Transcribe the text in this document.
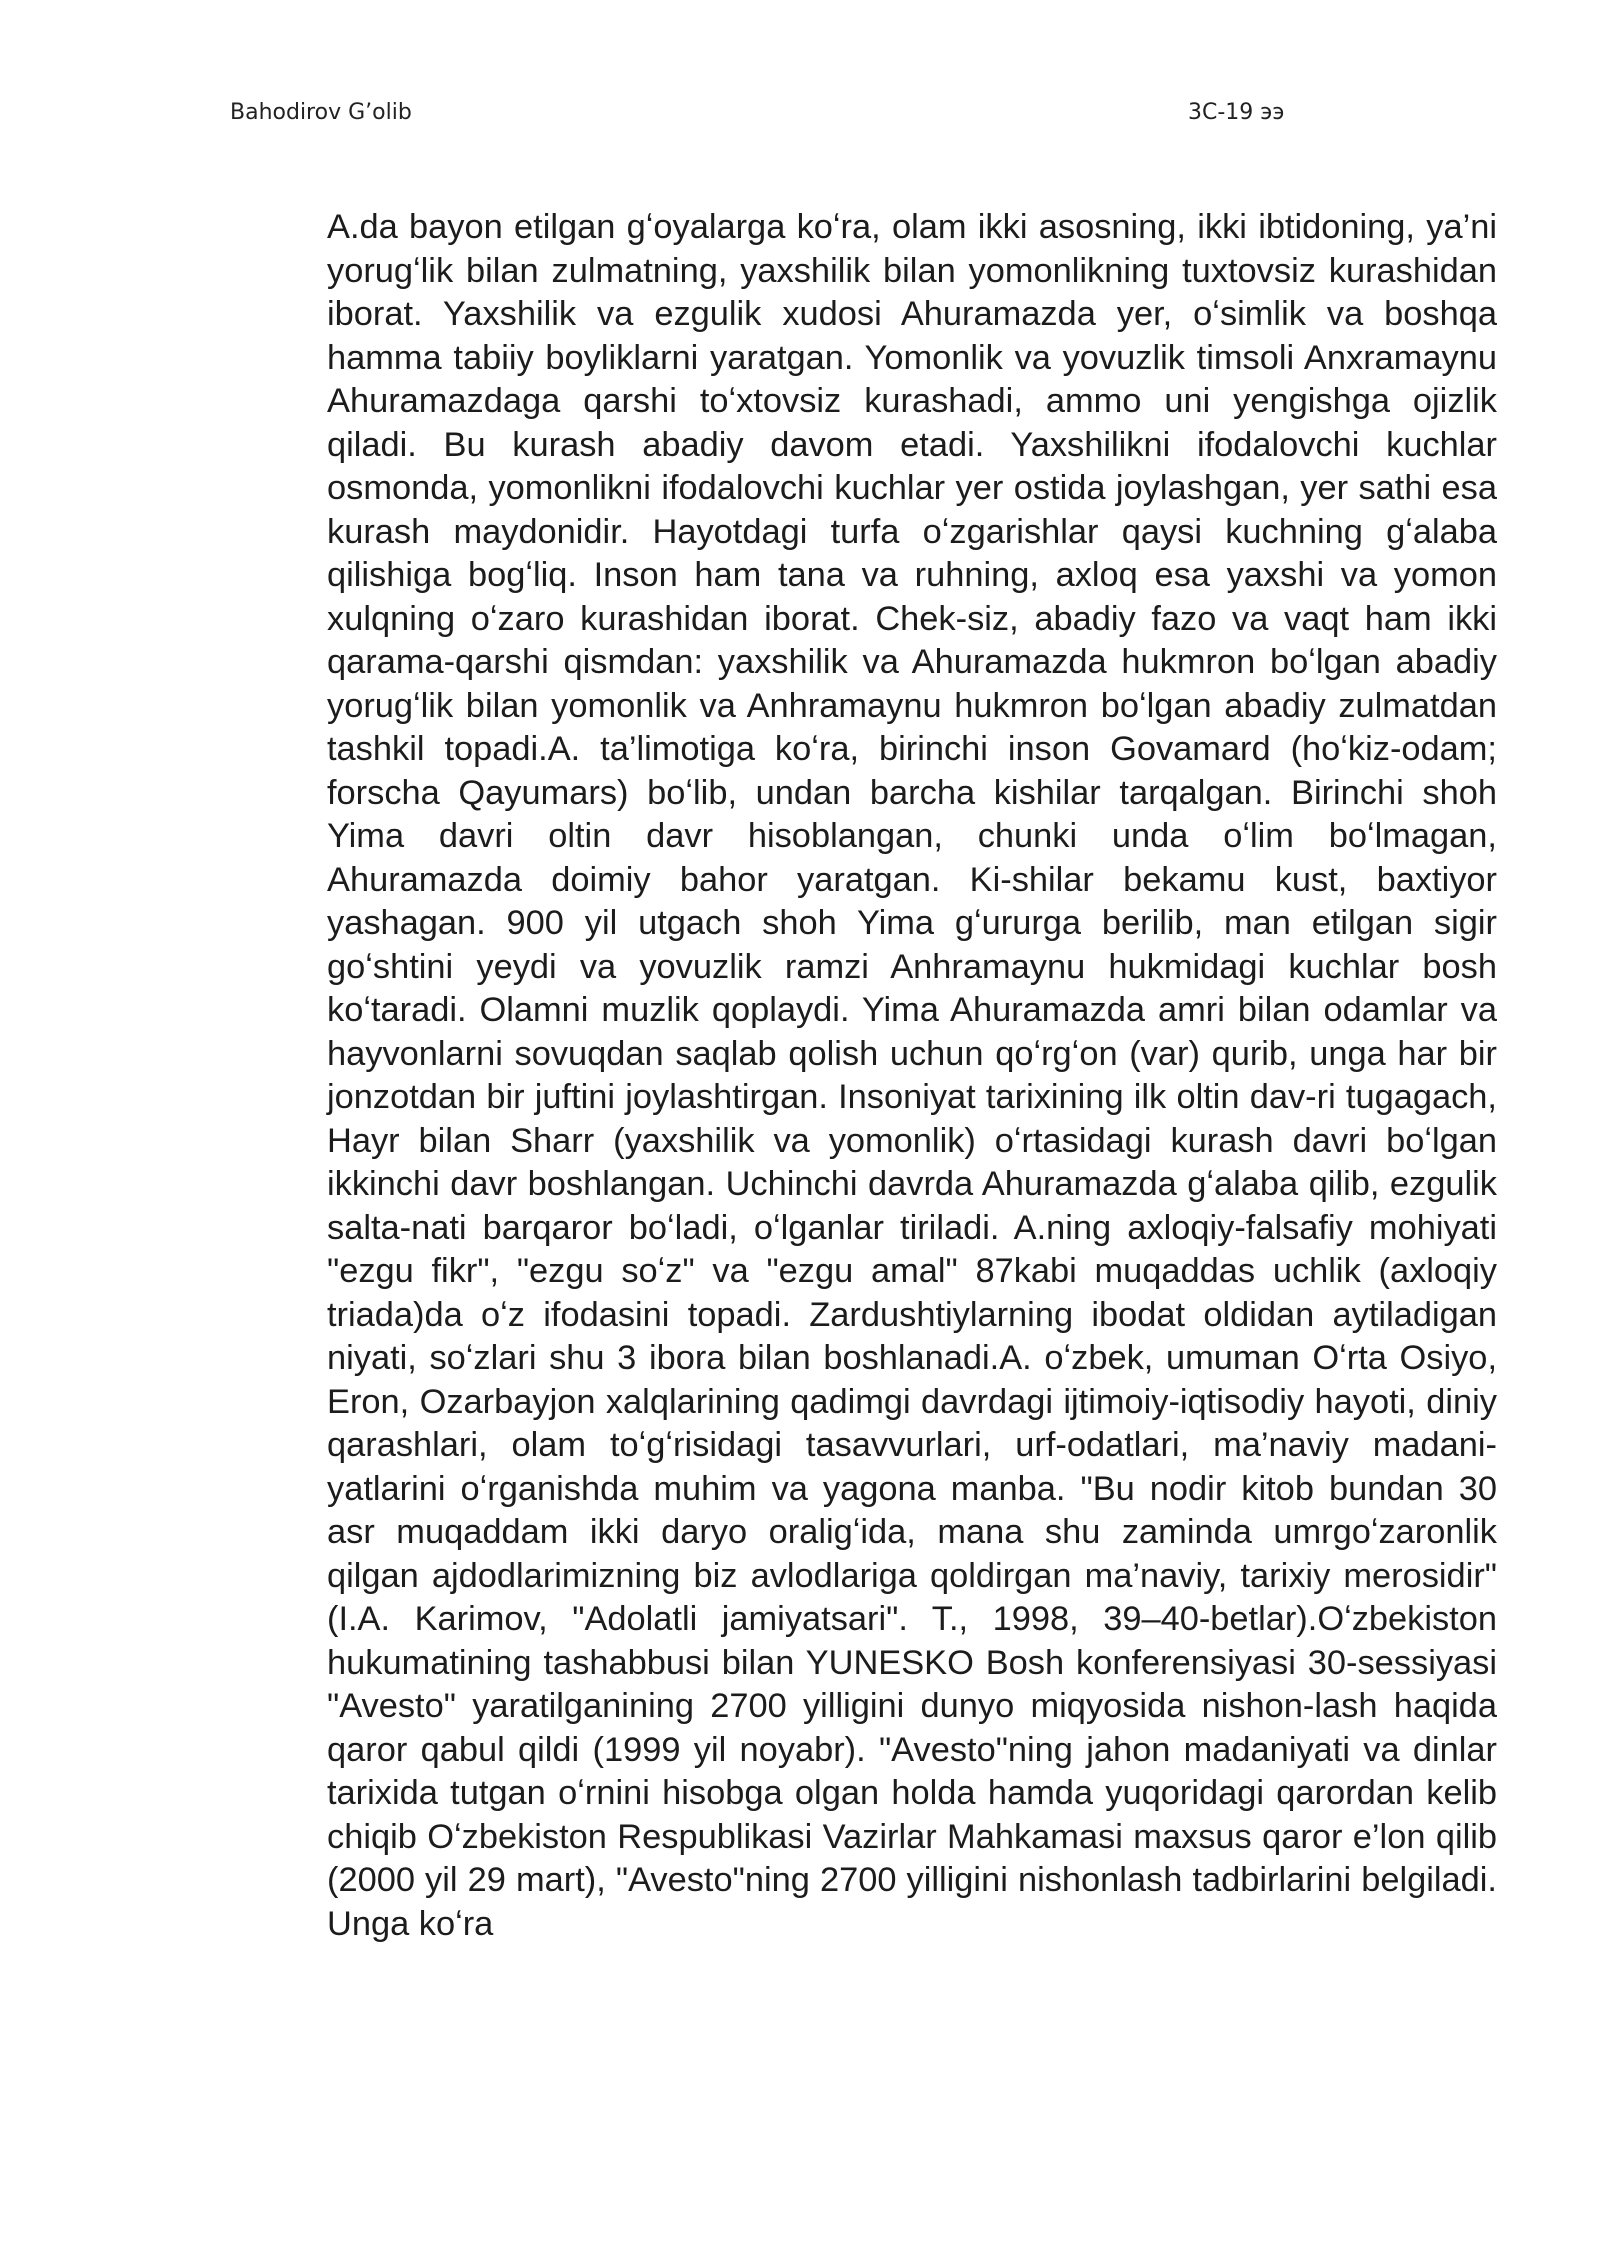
Bahodirov G’olib	3C-19 ээ

A.da bayon etilgan gʻoyalarga koʻra, olam ikki asosning, ikki ibtidoning, ya’ni yorugʻlik bilan zulmatning, yaxshilik bilan yomonlikning tuxtovsiz kurashidan iborat. Yaxshilik va ezgulik xudosi Ahuramazda yer, oʻsimlik va boshqa hamma tabiiy boyliklarni yaratgan. Yomonlik va yovuzlik timsoli Anxramaynu Ahuramazdaga qarshi toʻxtovsiz kurashadi, ammo uni yengishga ojizlik qiladi. Bu kurash abadiy davom etadi. Yaxshilikni ifodalovchi kuchlar osmonda, yomonlikni ifodalovchi kuchlar yer ostida joylashgan, yer sathi esa kurash maydonidir. Hayotdagi turfa oʻzgarishlar qaysi kuchning gʻalaba qilishiga bogʻliq. Inson ham tana va ruhning, axloq esa yaxshi va yomon xulqning oʻzaro kurashidan iborat. Chek-siz, abadiy fazo va vaqt ham ikki qarama-qarshi qismdan: yaxshilik va Ahuramazda hukmron boʻlgan abadiy yorugʻlik bilan yomonlik va Anhramaynu hukmron boʻlgan abadiy zulmatdan tashkil topadi.A. ta’limotiga koʻra, birinchi inson Govamard (hoʻkiz-odam; forscha Qayumars) boʻlib, undan barcha kishilar tarqalgan. Birinchi shoh Yima davri oltin davr hisoblangan, chunki unda oʻlim boʻlmagan, Ahuramazda doimiy bahor yaratgan. Ki-shilar bekamu kust, baxtiyor yashagan. 900 yil utgach shoh Yima gʻururga berilib, man etilgan sigir goʻshtini yeydi va yovuzlik ramzi Anhramaynu hukmidagi kuchlar bosh koʻtaradi. Olamni muzlik qoplaydi. Yima Ahuramazda amri bilan odamlar va hayvonlarni sovuqdan saqlab qolish uchun qoʻrgʻon (var) qurib, unga har bir jonzotdan bir juftini joylashtirgan. Insoniyat tarixining ilk oltin dav-ri tugagach, Hayr bilan Sharr (yaxshilik va yomonlik) oʻrtasidagi kurash davri boʻlgan ikkinchi davr boshlangan. Uchinchi davrda Ahuramazda gʻalaba qilib, ezgulik salta-nati barqaror boʻladi, oʻlganlar tiriladi. A.ning axloqiy-falsafiy mohiyati "ezgu fikr", "ezgu soʻz" va "ezgu amal" 87kabi muqaddas uchlik (axloqiy triada)da oʻz ifodasini topadi. Zardushtiylarning ibodat oldidan aytiladigan niyati, soʻzlari shu 3 ibora bilan boshlanadi.A. oʻzbek, umuman Oʻrta Osiyo, Eron, Ozarbayjon xalqlarining qadimgi davrdagi ijtimoiy-iqtisodiy hayoti, diniy qarashlari, olam toʻgʻrisidagi tasavvurlari, urf-odatlari, ma’naviy madani-yatlarini oʻrganishda muhim va yagona manba. "Bu nodir kitob bundan 30 asr muqaddam ikki daryo oraligʻida, mana shu zaminda umrgoʻzaronlik qilgan ajdodlarimizning biz avlodlariga qoldirgan ma’naviy, tarixiy merosidir" (I.A. Karimov, "Adolatli jamiyatsari". T., 1998, 39–40-betlar).Oʻzbekiston hukumatining tashabbusi bilan YUNESKO Bosh konferensiyasi 30-sessiyasi "Avesto" yaratilganining 2700 yilligini dunyo miqyosida nishon-lash haqida qaror qabul qildi (1999 yil noyabr). "Avesto"ning jahon madaniyati va dinlar tarixida tutgan oʻrnini hisobga olgan holda hamda yuqoridagi qarordan kelib chiqib Oʻzbekiston Respublikasi Vazirlar Mahkamasi maxsus qaror e’lon qilib (2000 yil 29 mart), "Avesto"ning 2700 yilligini nishonlash tadbirlarini belgiladi. Unga koʻra
